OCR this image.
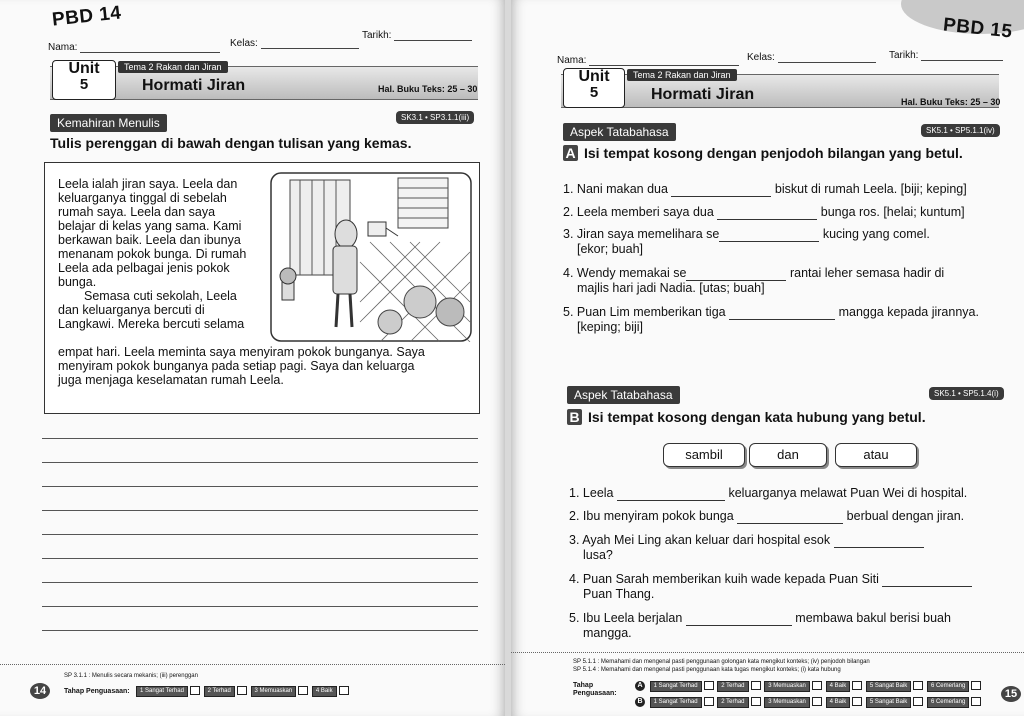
PBD 14
Nama:	Kelas:
Tarikh:
Unit
5
Tema 2 Rakan dan Jiran
Hormati Jiran	Hal. Buku Teks: 25 – 30
Kemahiran Menulis	SK3.1 • SP3.1.1(iii)
Tulis perenggan di bawah dengan tulisan yang kemas.
Leela ialah jiran saya. Leela dan
keluarganya tinggal di sebelah
rumah saya. Leela dan saya
belajar di kelas yang sama. Kami
berkawan baik. Leela dan ibunya
menanam pokok bunga. Di rumah
Leela ada pelbagai jenis pokok
bunga.
Semasa cuti sekolah, Leela
dan keluarganya bercuti di
Langkawi. Mereka bercuti selama
empat hari. Leela meminta saya menyiram pokok bunganya. Saya
menyiram pokok bunganya pada setiap pagi. Saya dan keluarga
juga menjaga keselamatan rumah Leela.
SP 3.1.1 : Menulis secara mekanis; (iii) perenggan
14	Tahap Penguasaan:	1 Sangat Terhad	2 Terhad	3 Memuaskan	4 Baik
PBD 15
Nama:	Kelas:	Tarikh:
Unit
5
Tema 2 Rakan dan Jiran
Hormati Jiran	Hal. Buku Teks: 25 – 30
Aspek Tatabahasa	SK5.1 • SP5.1.1(iv)
A Isi tempat kosong dengan penjodoh bilangan yang betul.
1. Nani makan dua	biskut di rumah Leela. [biji; keping]
2. Leela memberi saya dua	bunga ros. [helai; kuntum]
3. Jiran saya memelihara se	kucing yang comel.
[ekor; buah]
4. Wendy memakai se	rantai leher semasa hadir di
majlis hari jadi Nadia. [utas; buah]
5. Puan Lim memberikan tiga	mangga kepada jirannya.
[keping; biji]
Aspek Tatabahasa	SK5.1 • SP5.1.4(i)
B Isi tempat kosong dengan kata hubung yang betul.
sambil	dan	atau
1. Leela	keluarganya melawat Puan Wei di hospital.
2. Ibu menyiram pokok bunga	berbual dengan jiran.
3. Ayah Mei Ling akan keluar dari hospital esok
lusa?
4. Puan Sarah memberikan kuih wade kepada Puan Siti
Puan Thang.
5. Ibu Leela berjalan	membawa bakul berisi buah
mangga.
SP 5.1.1 : Memahami dan mengenal pasti penggunaan golongan kata mengikut konteks; (iv) penjodoh bilangan
SP 5.1.4 : Memahami dan mengenal pasti penggunaan kata tugas mengikut konteks; (i) kata hubung
Tahap Penguasaan:
A 1 Sangat Terhad	2 Terhad	3 Memuaskan	4 Baik	5 Sangat Baik	6 Cemerlang
B 1 Sangat Terhad	2 Terhad	3 Memuaskan	4 Baik	5 Sangat Baik	6 Cemerlang
15
